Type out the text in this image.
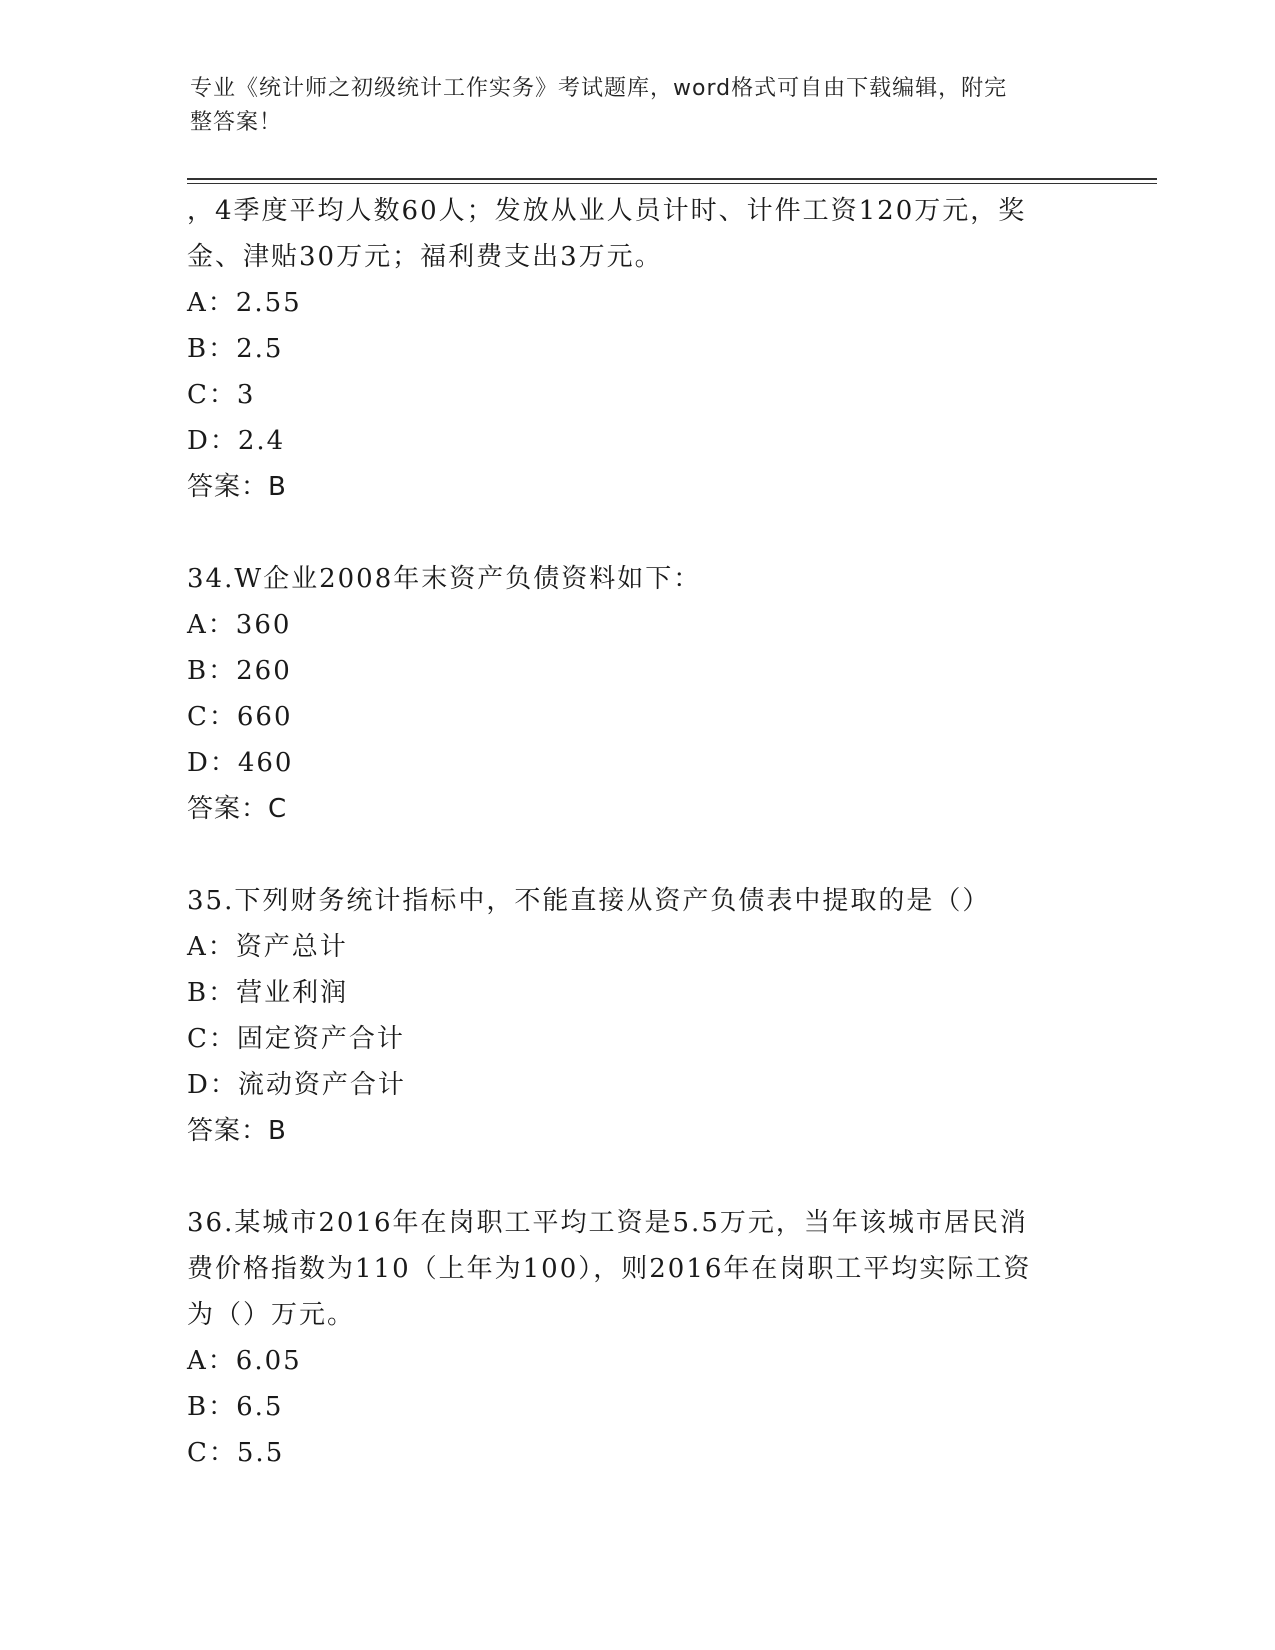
专业《统计师之初级统计工作实务》考试题库，word格式可自由下载编辑，附完
整答案！
，4季度平均人数60人；发放从业人员计时、计件工资120万元，奖
金、津贴30万元；福利费支出3万元。
A：2.55
B：2.5
C：3
D：2.4
答案：B
34.W企业2008年末资产负债资料如下：
A：360
B：260
C：660
D：460
答案：C
35.下列财务统计指标中，不能直接从资产负债表中提取的是（）
A：资产总计
B：营业利润
C：固定资产合计
D：流动资产合计
答案：B
36.某城市2016年在岗职工平均工资是5.5万元，当年该城市居民消
费价格指数为110（上年为100），则2016年在岗职工平均实际工资
为（）万元。
A：6.05
B：6.5
C：5.5
